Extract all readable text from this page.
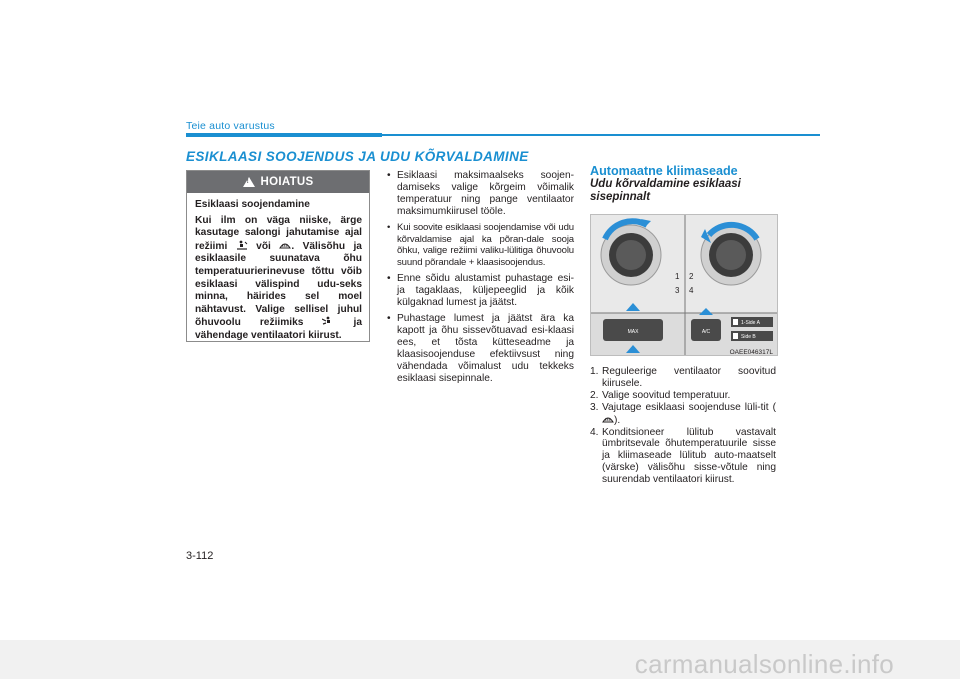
Teie auto varustus
ESIKLAASI SOOJENDUS JA UDU KÕRVALDAMINE
! HOIATUS
Esiklaasi soojendamine
Kui ilm on väga niiske, ärge kasutage salongi jahutamise ajal režiimi	või . Välisõhu ja esiklaasile suunatava õhu temperatuurierinevuse tõttu võib esiklaasi välispind udu-seks minna, häirides sel moel nähtavust. Valige sellisel juhul õhuvoolu režiimiks	ja vähendage ventilaatori kiirust.
• Esiklaasi maksimaalseks soojen-damiseks valige kõrgeim võimalik temperatuur ning pange ventilaator maksimumkiirusel tööle.
• Kui soovite esiklaasi soojendamise või udu kõrvaldamise ajal ka põran-dale sooja õhku, valige režiimi valiku-lülitiga õhuvoolu suund põrandale + klaasisoojendus.
• Enne sõidu alustamist puhastage esi- ja tagaklaas, küljepeeglid ja kõik külgaknad lumest ja jäätst.
• Puhastage lumest ja jäätst ära ka kapott ja õhu sissevõtuavad esi-klaasi ees, et tõsta kütteseadme ja klaasisoojenduse efektiivsust ning vähendada võimalust udu tekkeks esiklaasi sisepinnale.
Automaatne kliimaseade
Udu kõrvaldamine esiklaasi sisepinnalt
1 2
3 4
MAX	A/C
1-Side A
Side B
OAEE046317L
1. Reguleerige ventilaator soovitud kiirusele.
2. Valige soovitud temperatuur.
3. Vajutage esiklaasi soojenduse lüli-tit ().
4. Konditsioneer lülitub vastavalt ümbritsevale õhutemperatuurile sisse ja kliimaseade lülitub auto-maatselt (värske) välisõhu sisse-võtule ning suurendab ventilaatori kiirust.
3-112
carmanualsonline.info
